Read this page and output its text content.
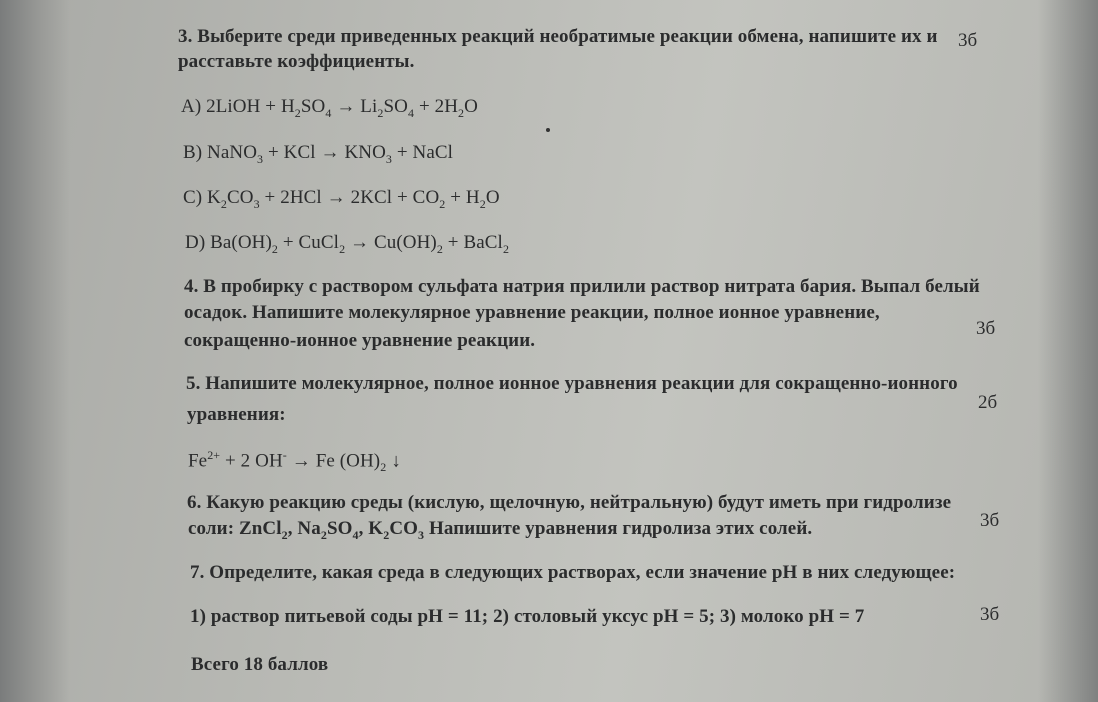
3. Выберите среди приведенных реакций необратимые реакции обмена, напишите их и 3б
расставьте коэффициенты.
A) 2LiOH + $H_2SO_4 \to Li_2SO_4 + 2H_2O$
B) NaNO$_3$ + KCl → $KNO_3$ + NaCl
C) $K_2CO_3 + 2HCl \to 2KCl + CO_2 + H_2O$
D) $Ba(OH)_2$ + CuCl$_2$ → $Cu(OH)_2$ + BaCl$_2$
4. В пробирку с раствором сульфата натрия прилили раствор нитрата бария. Выпал белый
осадок. Напишите молекулярное уравнение реакции, полное ионное уравнение,
3б
сокращенно-ионное уравнение реакции.
5. Напишите молекулярное, полное ионное уравнения реакции для сокращенно-ионного
2б
уравнения:
$Fe^{2+} + 2$ OH- → Fe $(OH)_2$ ↓
6. Какую реакцию среды (кислую, щелочную, нейтральную) будут иметь при гидролизе
3б
соли: ZnCl$_2$, $Na_2SO_4$, $K_2CO_3$ Напишите уравнения гидролиза этих солей.
7. Определите, какая среда в следующих растворах, если значение рН в них следующее:
1) раствор питьевой соды рН = 11; 2) столовый уксус рН = 5; 3) молоко рН = 7	3б
Всего 18 баллов
